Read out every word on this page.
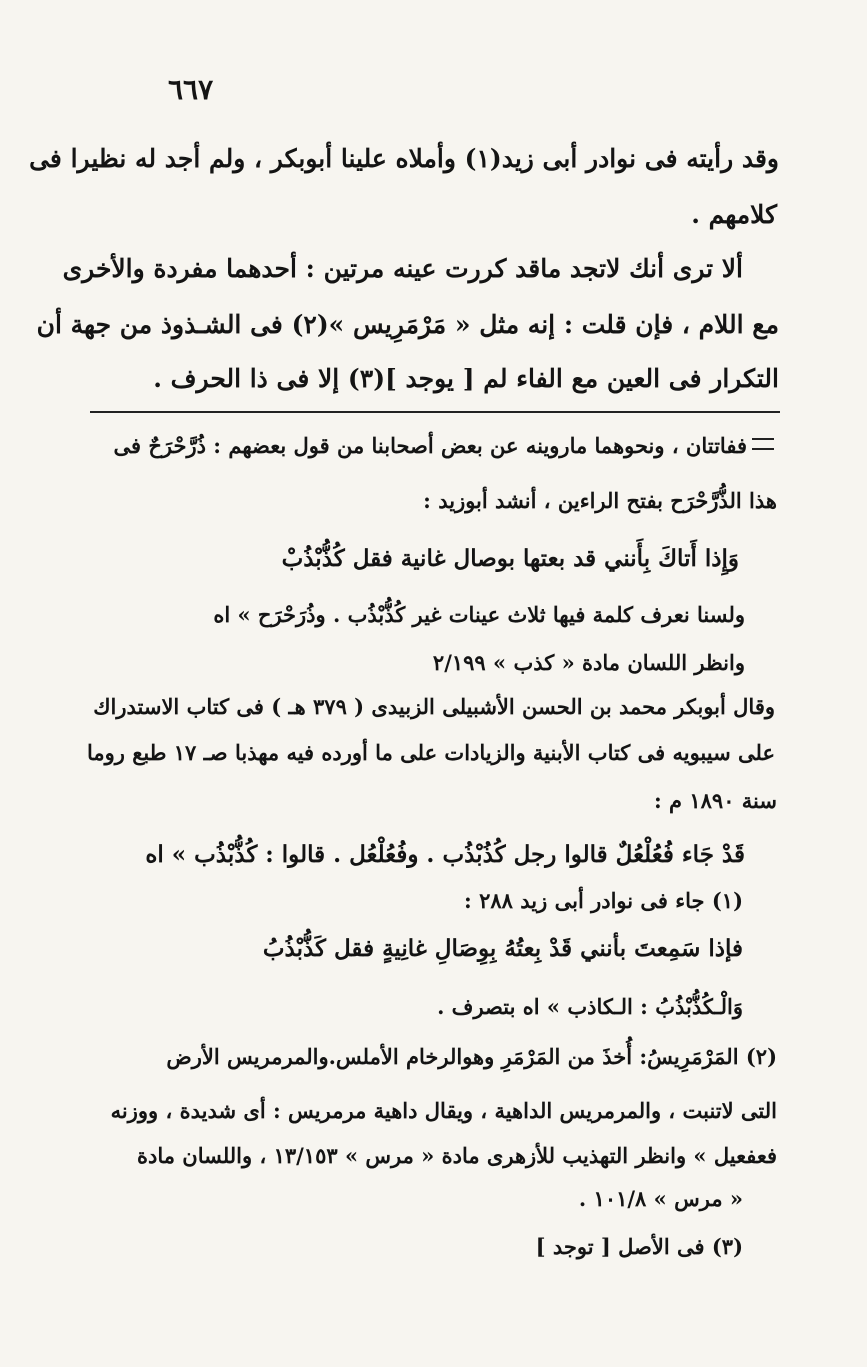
٦٦٧
وقد رأيته فى نوادر أبى زيد(١) وأملاه علينا أبوبكر ، ولم أجد له نظيرا فى
كلامهم .
ألا ترى أنك لاتجد ماقد كررت عينه مرتين : أحدهما مفردة والأخرى
مع اللام ، فإن قلت : إنه مثل « مَرْمَرِيس »(٢) فى الشـذوذ من جهة أن
التكرار فى العين مع الفاء لم [ يوجد ](٣) إلا فى ذا الحرف .
ففاتتان ، ونحوهما ماروينه عن بعض أصحابنا من قول بعضهم : ذُرَّحْرَحٌ فى
هذا الذُّرَّحْرَح بفتح الراءين ، أنشد أبوزيد :
وَإِذا أَتاكَ بِأَنني قد بعتها بوصال غانية فقل كُذُّبْذُبْ
ولسنا نعرف كلمة فيها ثلاث عينات غير كُذُّبْذُب . وذُرَحْرَح » اه
وانظر اللسان مادة « كذب » ٢/١٩٩
وقال أبوبكر محمد بن الحسن الأشبيلى الزبيدى ( ٣٧٩ هـ ) فى كتاب الاستدراك
على سيبويه فى كتاب الأبنية والزيادات على ما أورده فيه مهذبا صـ ١٧ طبع روما
سنة ١٨٩٠ م :
قَدْ جَاء فُعُلْعُلٌ قالوا رجل كُذُبْذُب . وفُعُلْعُل . قالوا : كُذُّبْذُب » اه
(١) جاء فى نوادر أبى زيد ٢٨٨ :
فإذا سَمِعتَ بأنني قَدْ بِعتُهُ بِوِصَالِ غانِيةٍ فقل كَذُّبْذُبُ
وَالْـكُذُّبْذُبُ : الـكاذب » اه بتصرف .
(٢) المَرْمَرِيسُ: أُخذَ من المَرْمَرِ وهوالرخام الأملس.والمرمريس الأرض
التى لاتنبت ، والمرمريس الداهية ، ويقال داهية مرمريس : أى شديدة ، ووزنه
فعفعيل » وانظر التهذيب للأزهرى مادة « مرس » ١٣/١٥٣ ، واللسان مادة
« مرس » ١٠١/٨ .
(٣) فى الأصل [ توجد ]
